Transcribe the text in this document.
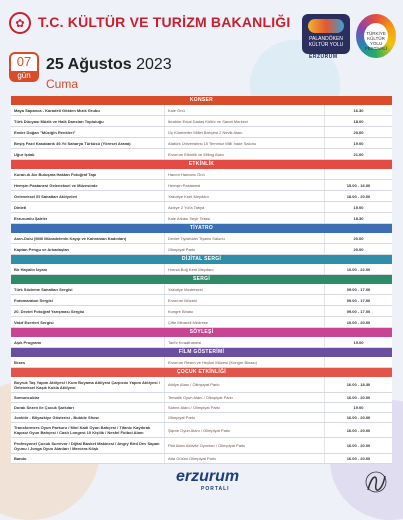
✿ T.C. KÜLTÜR VE TURİZM BAKANLIĞI
PALANDÖKEN
KÜLTÜR YOLU
ERZURUM
TÜRKİYE
KÜLTÜR YOLU
FESTİVALİ
07
gün
25 Ağustos 2023
Cuma
KONSER
Maya Sapanca - Karadeli Gökten Mızık Grubu	Kale Önü	16.30
Türk Dünyası Müzik ve Halk Dansları Topluluğu	İbrahim Erkal Dadaş Kültür ve Sanat Merkezi	18.00
Ender Doğan "Müziğin Renkleri"	Üç Kümbetler Millet Bahçesi 2 Nevik Alanı	20.00
Beşiş Fazıl Kasabarık 49.Yıl Saharya Türküsü (Yöresel Arana)	Atatürk Üniversitesi 15 Temmuz Millî İrade Salonu	19.00
Uğur Işılak	Erzurum Etkinlik ve Miting Alanı	21.00
ETKİNLİK
Kuran-ık Acı Buluşma Haktan Fotoğraf Tapı	Hanım Hamamı Önü
Hemşin Pastanesi Geleneksel ve Müzesinde	Hemşin Pastanesi	15.00 - 16.00
Geleneksel El Sanatları Atölyeleri	Yakutiye Kent Meydanı	18.00 - 20.00
Dinleti	Azizye 2 Yol'a Tabya	15.00
Erzurumlu Şairler	Kale Arkası Seyir Terası	18.30
TİYATRO
Asın-Dolu (Milli Mücadelenin Kayıp ve Kahraman Kadınları)	Devlet Tiyatroları Tiyatro Salonu	20.00
Kaptan Pengu ve Arkadaşları	Olimpiyat Parkı	20.00
DİJİTAL SERGİ
Bir Hayalin İzyanı	Hınısa Boğ Kent Meydanı	10.00 - 22.00
SERGİ
Türk Sözleme Sanatları Sergisi	Yakutiye Medresesi	09.00 - 17.00
Fotomaraton Sergisi	Erzurum Müzesi	09.00 - 17.00
20. Devlet Fotoğraf Yarışması Sergisi	Kongre Binası	09.00 - 17.00
Vakıf Eserleri Sergisi	Çifte Minareli Medrese	10.00 - 20.00
SÖYLEŞİ
Aşık Programı	Tarihi Kıraathanesi	19.00
FİLM GÖSTERİMİ
İlkses	Erzurum Resim ve Heykel Müzesi (Kongre Binası)
ÇOCUK ETKİNLİĞİ
Boyruk Taş Yapım Atölyesi / Kum Boyama Atölyesi Çarpıcısı Yapım Atölyesi / Geleneksel Kaşık Kukla Atölyesi	Atölye Alanı / Olimpiyat Parkı	16.00 - 18.30
Somuncuklar	Tematik Oyun Alanı / Olimpiyat Parkı	16.00 - 20.00
Dorak Sezen ile Çocuk Şarkıları	Sahne Alanı / Olimpiyat Parkı	19.00
Jonklör - Bilyazkiye Gösterisi - Bubble Show	Olimpiyat Parkı	16.00 - 20.00
Transformers Oyun Parkuru / Mini Kadi Oyun Bahçesi / Titanic Kaydırak Kapısız Oyun Bahçesi / Cash Longest 10 Kişilik / Nesfel Futbol Alanı	Şişme Oyun Alanı / Olimpiyat Parkı	16.00 - 20.00
Profesyonel Çocuk Survivor / Dijital Basket Makinesi / Angry Bird Dev Sapan Oyunu / Jonga Oyun Alanları / Mercera Köşk	Plat Alanı Aktivite Oyunları / Olimpiyat Parkı	16.00 - 20.00
Bando	Atta Gülüm Olimpiyat Parkı	16.00 - 20.00
erzurum
PORTALI
